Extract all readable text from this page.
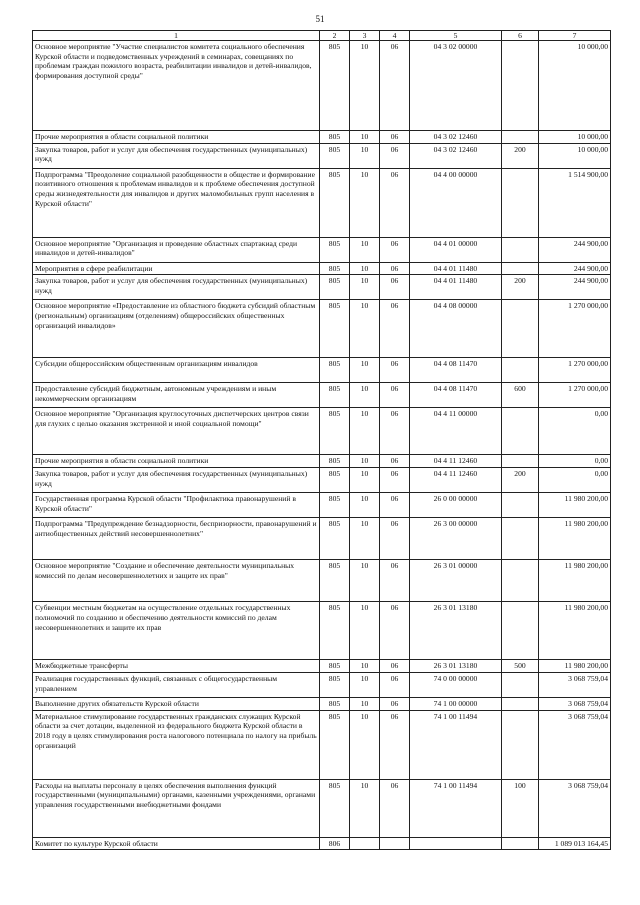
51
1	2	3	4	5	6	7
Основное мероприятие "Участие специалистов комитета социального обеспечения Курской области и подведомственных учреждений в семинарах, совещаниях по проблемам граждан пожилого возраста, реабилитации инвалидов и детей-инвалидов, формирования доступной среды"	805	10	06	04 3 02 00000		10 000,00
Прочие мероприятия в области социальной политики	805	10	06	04 3 02 12460		10 000,00
Закупка товаров, работ и услуг для обеспечения государственных (муниципальных) нужд	805	10	06	04 3 02 12460	200	10 000,00
Подпрограмма "Преодоление социальной разобщенности в обществе и формирование позитивного отношения к проблемам инвалидов и к проблеме обеспечения доступной среды жизнедеятельности для инвалидов и других маломобильных групп населения в Курской области"	805	10	06	04 4 00 00000		1 514 900,00
Основное мероприятие "Организация и проведение областных спартакиад среди инвалидов и детей-инвалидов"	805	10	06	04 4 01 00000		244 900,00
Мероприятия в сфере реабилитации	805	10	06	04 4 01 11480		244 900,00
Закупка товаров, работ и услуг для обеспечения государственных (муниципальных) нужд	805	10	06	04 4 01 11480	200	244 900,00
Основное мероприятие «Предоставление из областного бюджета субсидий областным (региональным) организациям (отделениям) общероссийских общественных организаций инвалидов»	805	10	06	04 4 08 00000		1 270 000,00
Субсидии общероссийским общественным организациям инвалидов	805	10	06	04 4 08 11470		1 270 000,00
Предоставление субсидий бюджетным, автономным учреждениям и иным некоммерческим организациям	805	10	06	04 4 08 11470	600	1 270 000,00
Основное мероприятие "Организация круглосуточных диспетчерских центров связи для глухих с целью оказания экстренной и иной социальной помощи"	805	10	06	04 4 11 00000		0,00
Прочие мероприятия в области социальной политики	805	10	06	04 4 11 12460		0,00
Закупка товаров, работ и услуг для обеспечения государственных (муниципальных) нужд	805	10	06	04 4 11 12460	200	0,00
Государственная программа Курской области "Профилактика правонарушений в Курской области"	805	10	06	26 0 00 00000		11 980 200,00
Подпрограмма "Предупреждение безнадзорности, беспризорности, правонарушений и антиобщественных действий несовершеннолетних"	805	10	06	26 3 00 00000		11 980 200,00
Основное мероприятие "Создание и обеспечение деятельности муниципальных комиссий по делам несовершеннолетних и защите их прав"	805	10	06	26 3 01 00000		11 980 200,00
Субвенции местным бюджетам на осуществление отдельных государственных полномочий по созданию и обеспечению деятельности комиссий по делам несовершеннолетних и защите их прав	805	10	06	26 3 01 13180		11 980 200,00
Межбюджетные трансферты	805	10	06	26 3 01 13180	500	11 980 200,00
Реализация государственных функций, связанных с общегосударственным управлением	805	10	06	74 0 00 00000		3 068 759,04
Выполнение других обязательств Курской области	805	10	06	74 1 00 00000		3 068 759,04
Материальное стимулирование государственных гражданских служащих Курской области за счет дотации, выделенной из федерального бюджета Курской области в 2018 году в целях стимулирования роста налогового потенциала по налогу на прибыль организаций	805	10	06	74 1 00 11494		3 068 759,04
Расходы на выплаты персоналу в целях обеспечения выполнения функций государственными (муниципальными) органами, казенными учреждениями, органами управления государственными внебюджетными фондами	805	10	06	74 1 00 11494	100	3 068 759,04
Комитет по культуре Курской области	806					1 089 013 164,45
